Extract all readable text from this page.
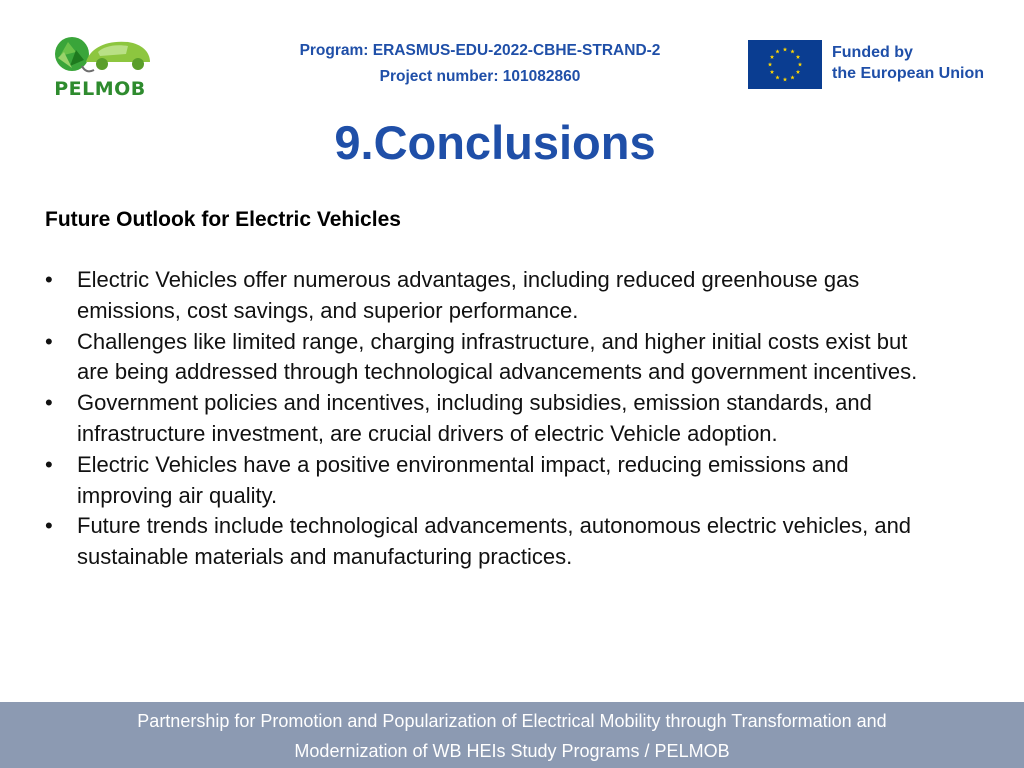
PELMOB
Program: ERASMUS-EDU-2022-CBHE-STRAND-2
Project number: 101082860
Funded by
the European Union
9.Conclusions
Future Outlook for Electric Vehicles
• Electric Vehicles offer numerous advantages, including reduced greenhouse gas emissions, cost savings, and superior performance.
• Challenges like limited range, charging infrastructure, and higher initial costs exist but are being addressed through technological advancements and government incentives.
• Government policies and incentives, including subsidies, emission standards, and infrastructure investment, are crucial drivers of electric Vehicle adoption.
• Electric Vehicles have a positive environmental impact, reducing emissions and improving air quality.
• Future trends include technological advancements, autonomous electric vehicles, and sustainable materials and manufacturing practices.
Partnership for Promotion and Popularization of Electrical Mobility through Transformation and
Modernization of WB HEIs Study Programs / PELMOB
